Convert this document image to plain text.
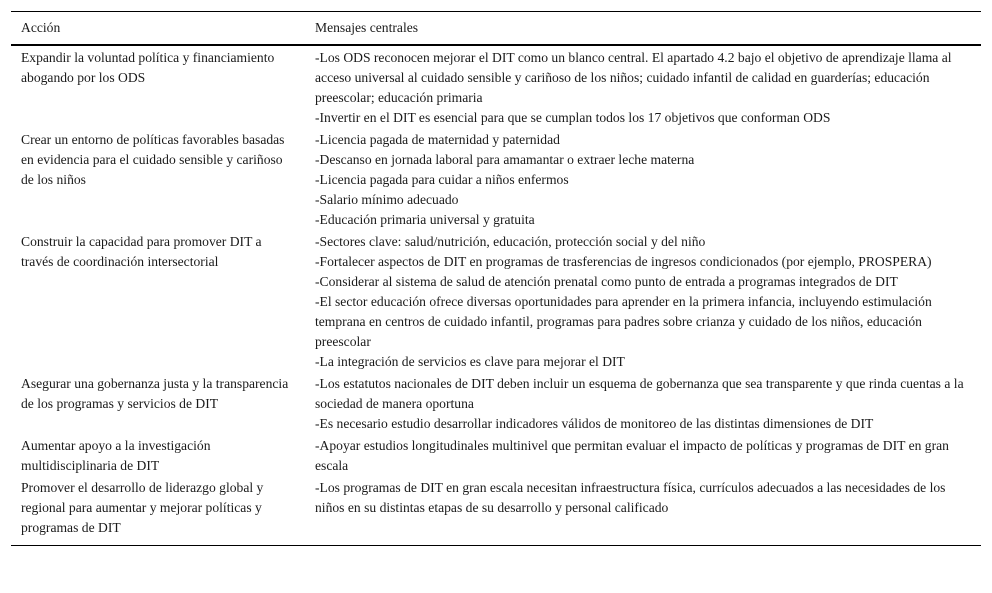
Acción	Mensajes centrales
Expandir la voluntad política y financiamiento abogando por los ODS	-Los ODS reconocen mejorar el DIT como un blanco central. El apartado 4.2 bajo el objetivo de aprendizaje llama al acceso universal al cuidado sensible y cariñoso de los niños; cuidado infantil de calidad en guarderías; educación preescolar; educación primaria
-Invertir en el DIT es esencial para que se cumplan todos los 17 objetivos que conforman ODS

Crear un entorno de políticas favorables basadas en evidencia para el cuidado sensible y cariñoso de los niños	-Licencia pagada de maternidad y paternidad
-Descanso en jornada laboral para amamantar o extraer leche materna
-Licencia pagada para cuidar a niños enfermos
-Salario mínimo adecuado
-Educación primaria universal y gratuita

Construir la capacidad para promover DIT a través de coordinación intersectorial	-Sectores clave: salud/nutrición, educación, protección social y del niño
-Fortalecer aspectos de DIT en programas de trasferencias de ingresos condicionados (por ejemplo, PROSPERA)
-Considerar al sistema de salud de atención prenatal como punto de entrada a programas integrados de DIT
-El sector educación ofrece diversas oportunidades para aprender en la primera infancia, incluyendo estimulación temprana en centros de cuidado infantil, programas para padres sobre crianza y cuidado de los niños, educación preescolar
-La integración de servicios es clave para mejorar el DIT

Asegurar una gobernanza justa y la transparencia de los programas y servicios de DIT	-Los estatutos nacionales de DIT deben incluir un esquema de gobernanza que sea transparente y que rinda cuentas a la sociedad de manera oportuna
-Es necesario estudio desarrollar indicadores válidos de monitoreo de las distintas dimensiones de DIT

Aumentar apoyo a la investigación multidisciplinaria de DIT	-Apoyar estudios longitudinales multinivel que permitan evaluar el impacto de políticas y programas de DIT en gran escala

Promover el desarrollo de liderazgo global y regional para aumentar y mejorar políticas y programas de DIT	-Los programas de DIT en gran escala necesitan infraestructura física, currículos adecuados a las necesidades de los niños en su distintas etapas de su desarrollo y personal calificado
